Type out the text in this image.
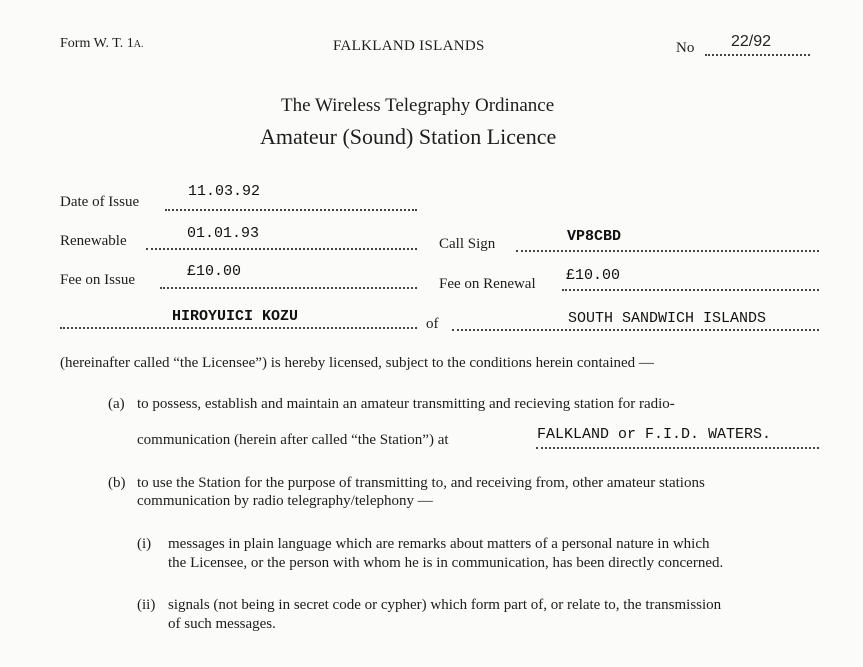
Form W. T. 1A.	FALKLAND ISLANDS	No 22/92
The Wireless Telegraphy Ordinance
Amateur (Sound) Station Licence
Date of Issue
11.03.92
Renewable	01.01.93
Call Sign	VP8CBD
Fee on Issue	£10.00
Fee on Renewal £10.00
HIROYUICI KOZU	of	SOUTH SANDWICH ISLANDS
(hereinafter called “the Licensee”) is hereby licensed, subject to the conditions herein contained —
(a) to possess, establish and maintain an amateur transmitting and recieving station for radio-
communication (herein after called “the Station”) at	FALKLAND or F.I.D. WATERS.
(b) to use the Station for the purpose of transmitting to, and receiving from, other amateur stations
communication by radio telegraphy/telephony —
(i) messages in plain language which are remarks about matters of a personal nature in which
the Licensee, or the person with whom he is in communication, has been directly concerned.
(ii) signals (not being in secret code or cypher) which form part of, or relate to, the transmission
of such messages.
